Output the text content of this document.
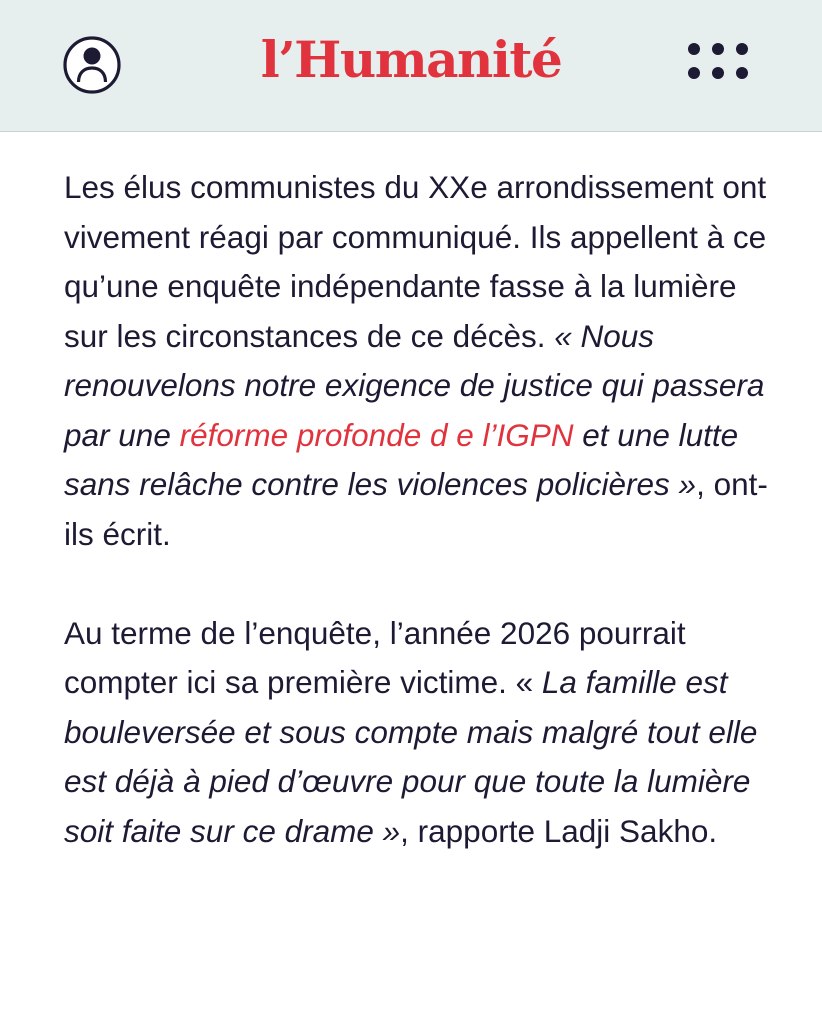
l’Humanité

Les élus communistes du XXe arrondissement ont vivement réagi par communiqué. Ils appellent à ce qu’une enquête indépendante fasse à la lumière sur les circonstances de ce décès. « Nous renouvelons notre exigence de justice qui passera par une réforme profonde d e l’IGPN et une lutte sans relâche contre les violences policières », ont-ils écrit.

Au terme de l’enquête, l’année 2026 pourrait compter ici sa première victime. « La famille est bouleversée et sous compte mais malgré tout elle est déjà à pied d’œuvre pour que toute la lumière soit faite sur ce drame », rapporte Ladji Sakho.
